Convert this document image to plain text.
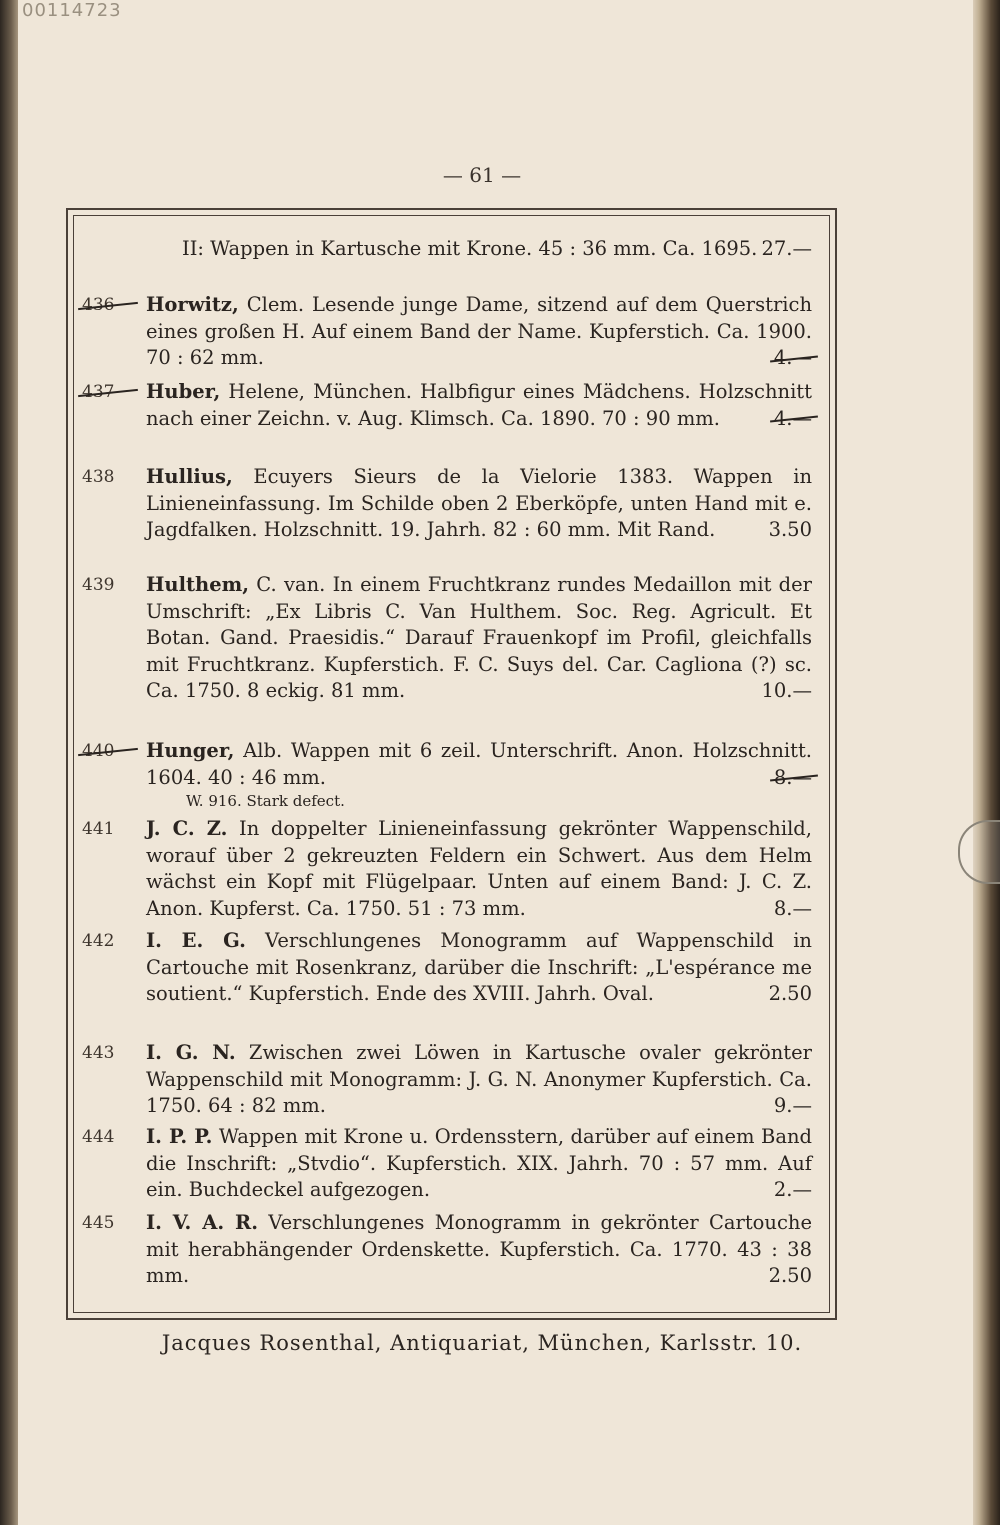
00114723
— 61 —
II: Wappen in Kartusche mit Krone. 45 : 36 mm. Ca. 1695. 27.—
436	Horwitz, Clem. Lesende junge Dame, sitzend auf dem Querstrich eines großen H. Auf einem Band der Name. Kupferstich. Ca. 1900. 70 : 62 mm.	4.—
437	Huber, Helene, München. Halbfigur eines Mädchens. Holzschnitt nach einer Zeichn. v. Aug. Klimsch. Ca. 1890. 70 : 90 mm.	4.—
438	Hullius, Ecuyers Sieurs de la Vielorie 1383. Wappen in Linieneinfassung. Im Schilde oben 2 Eberköpfe, unten Hand mit e. Jagdfalken. Holzschnitt. 19. Jahrh. 82 : 60 mm. Mit Rand.	3.50
439	Hulthem, C. van. In einem Fruchtkranz rundes Medaillon mit der Umschrift: „Ex Libris C. Van Hulthem. Soc. Reg. Agricult. Et Botan. Gand. Praesidis.“ Darauf Frauenkopf im Profil, gleichfalls mit Fruchtkranz. Kupferstich. F. C. Suys del. Car. Cagliona (?) sc. Ca. 1750. 8 eckig. 81 mm.	10.—
440	Hunger, Alb. Wappen mit 6 zeil. Unterschrift. Anon. Holzschnitt. 1604. 40 : 46 mm.	8.—
W. 916. Stark defect.
441	J. C. Z. In doppelter Linieneinfassung gekrönter Wappenschild, worauf über 2 gekreuzten Feldern ein Schwert. Aus dem Helm wächst ein Kopf mit Flügelpaar. Unten auf einem Band: J. C. Z. Anon. Kupferst. Ca. 1750. 51 : 73 mm.	8.—
442	I. E. G. Verschlungenes Monogramm auf Wappenschild in Cartouche mit Rosenkranz, darüber die Inschrift: „L'espérance me soutient.“ Kupferstich. Ende des XVIII. Jahrh. Oval.	2.50
443	I. G. N. Zwischen zwei Löwen in Kartusche ovaler gekrönter Wappenschild mit Monogramm: J. G. N. Anonymer Kupferstich. Ca. 1750. 64 : 82 mm.	9.—
444	I. P. P. Wappen mit Krone u. Ordensstern, darüber auf einem Band die Inschrift: „Stvdio“. Kupferstich. XIX. Jahrh. 70 : 57 mm. Auf ein. Buchdeckel aufgezogen.	2.—
445	I. V. A. R. Verschlungenes Monogramm in gekrönter Cartouche mit herabhängender Ordenskette. Kupferstich. Ca. 1770. 43 : 38 mm.	2.50
Jacques Rosenthal, Antiquariat, München, Karlsstr. 10.
